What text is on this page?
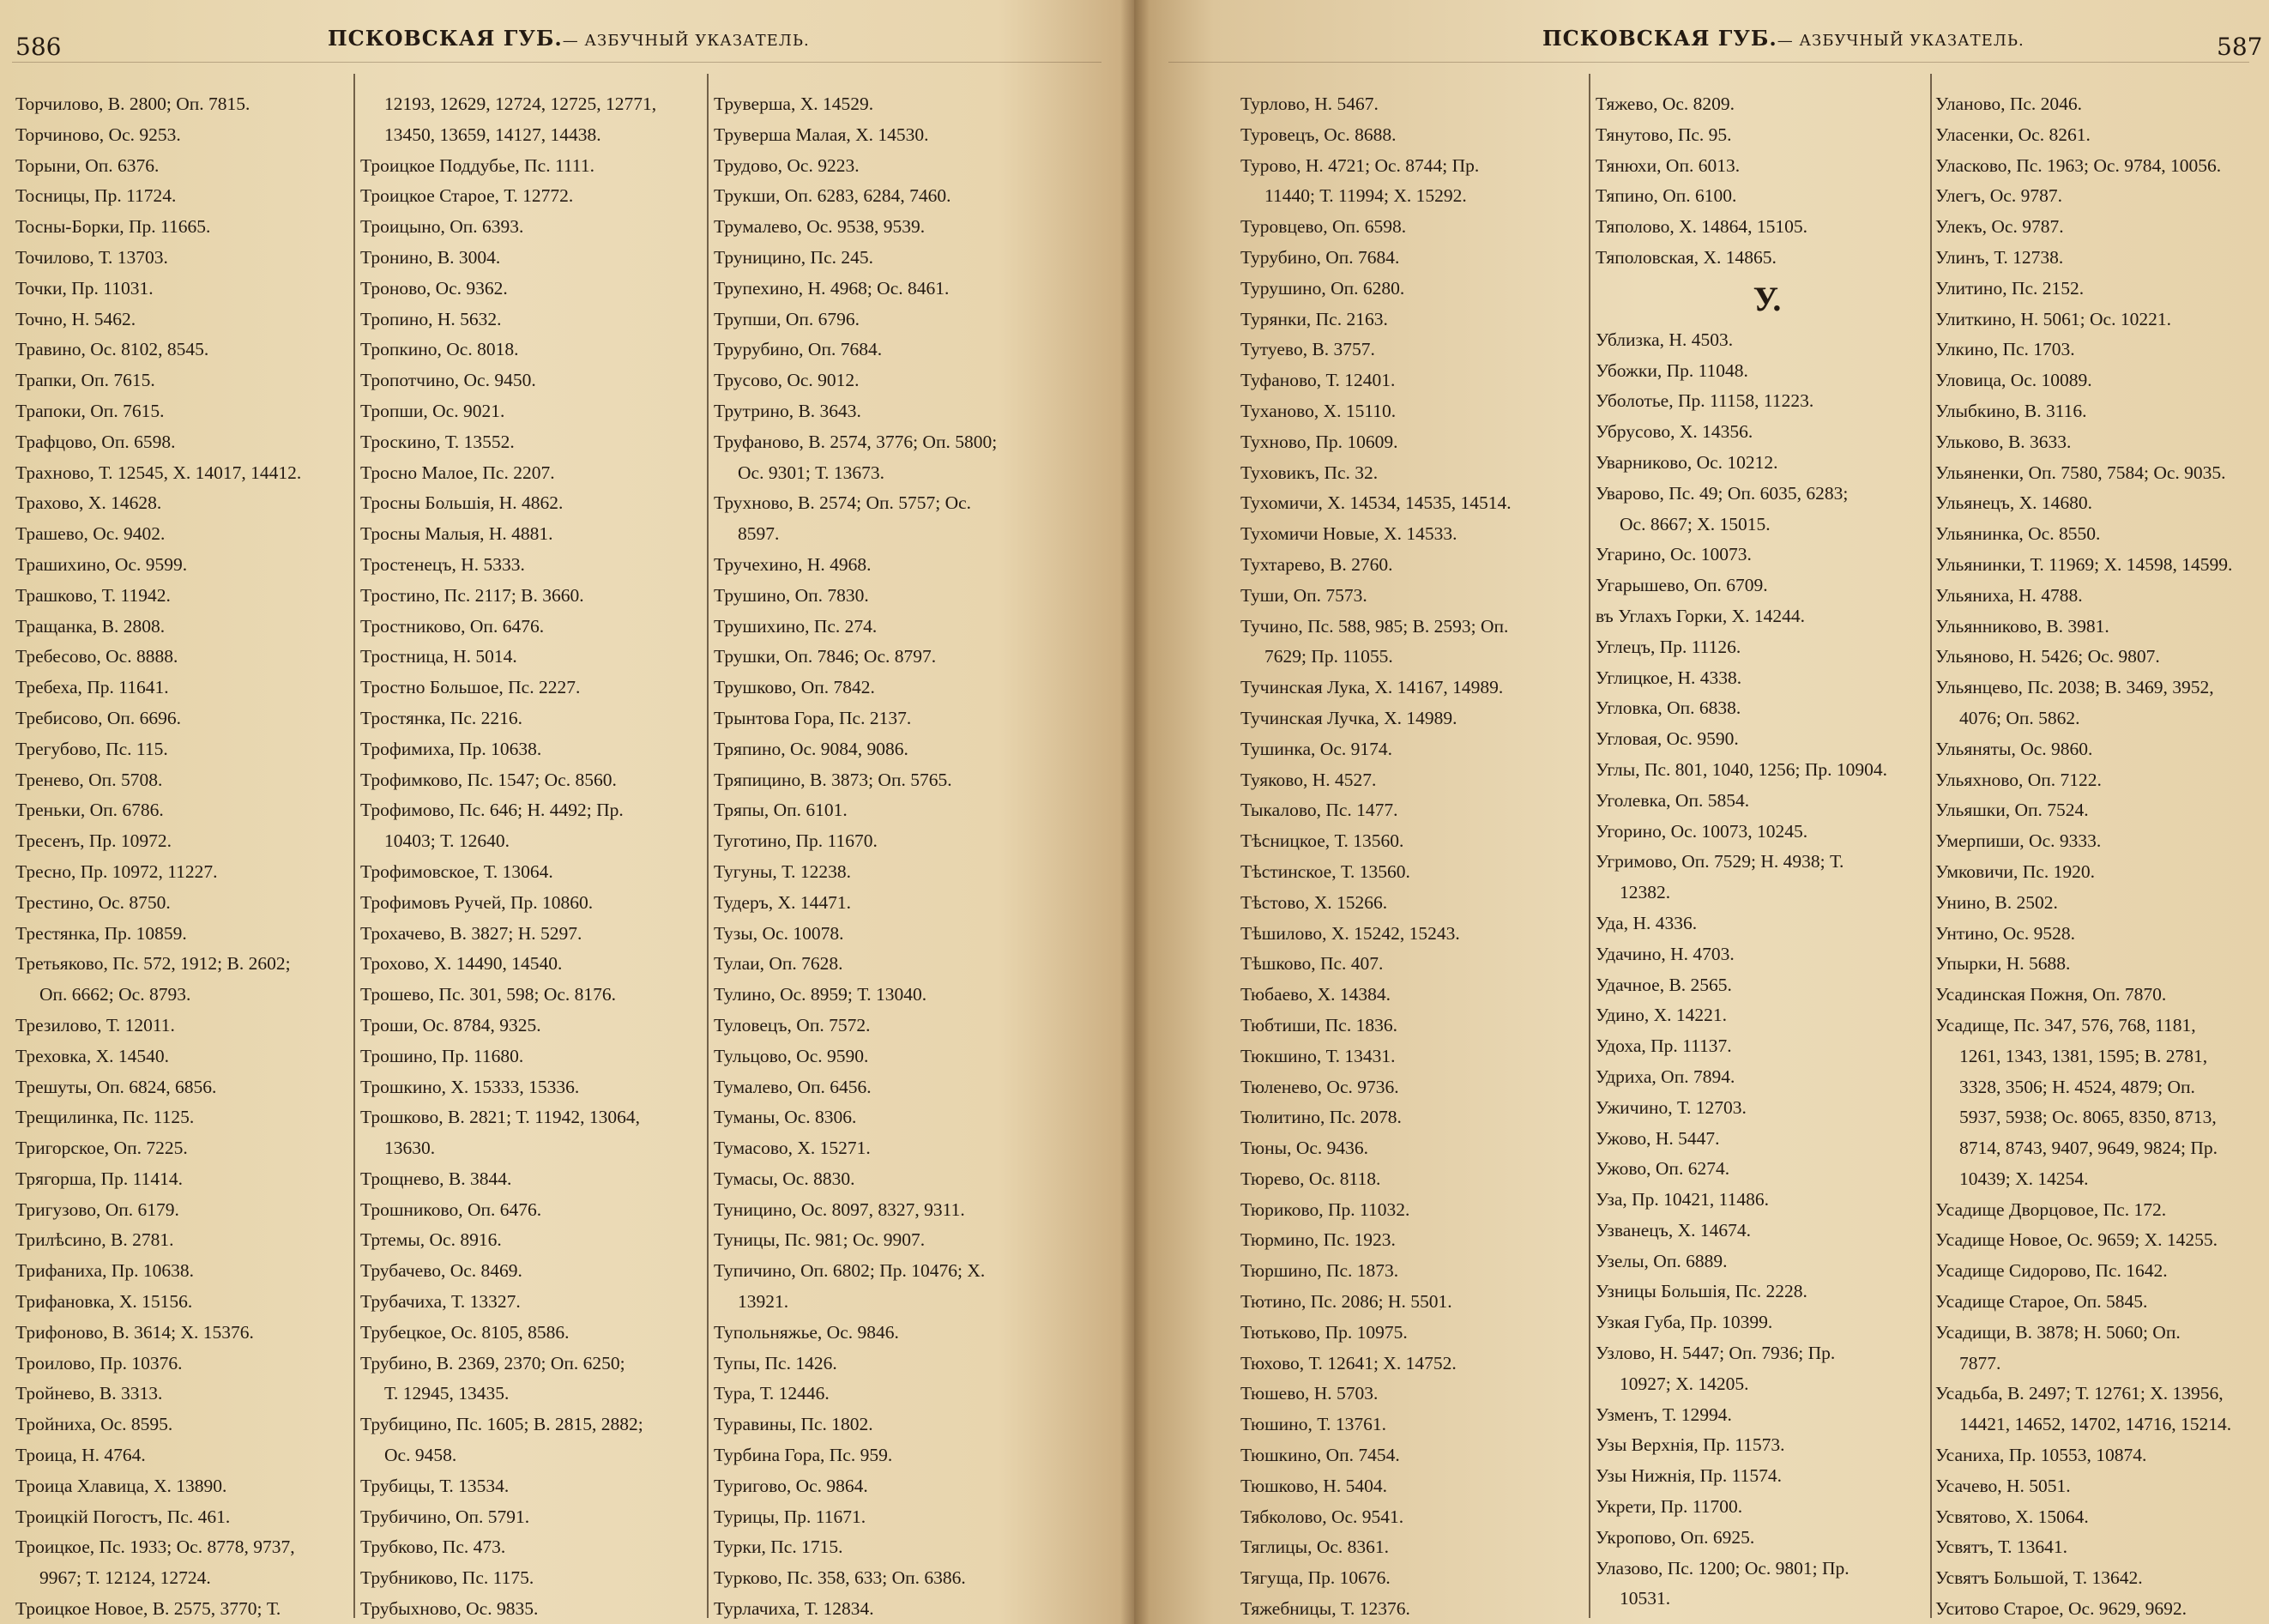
586	ПСКОВСКАЯ ГУБ.— АЗБУЧНЫЙ УКАЗАТЕЛЬ.
Торчилово, В. 2800; Оп. 7815.
Торчиново, Ос. 9253.
Торыни, Оп. 6376.
Тосницы, Пр. 11724.
Тосны-Борки, Пр. 11665.
Точилово, Т. 13703.
Точки, Пр. 11031.
Точно, Н. 5462.
Травино, Ос. 8102, 8545.
Трапки, Оп. 7615.
Трапоки, Оп. 7615.
Трафцово, Оп. 6598.
Трахново, Т. 12545, Х. 14017, 14412.
Трахово, Х. 14628.
Трашево, Ос. 9402.
Трашихино, Ос. 9599.
Трашково, Т. 11942.
Тращанка, В. 2808.
Требесово, Ос. 8888.
Требеха, Пр. 11641.
Требисово, Оп. 6696.
Трегубово, Пс. 115.
Тренево, Оп. 5708.
Треньки, Оп. 6786.
Тресенъ, Пр. 10972.
Тресно, Пр. 10972, 11227.
Трестино, Ос. 8750.
Трестянка, Пр. 10859.
Третьяково, Пс. 572, 1912; В. 2602;
Оп. 6662; Ос. 8793.
Трезилово, Т. 12011.
Треховка, Х. 14540.
Трешуты, Оп. 6824, 6856.
Трещилинка, Пс. 1125.
Тригорское, Оп. 7225.
Трягорша, Пр. 11414.
Тригузово, Оп. 6179.
Трилѣсино, В. 2781.
Трифаниха, Пр. 10638.
Трифановка, Х. 15156.
Трифоново, В. 3614; Х. 15376.
Троилово, Пр. 10376.
Тройнево, В. 3313.
Тройниха, Ос. 8595.
Троица, Н. 4764.
Троица Хлавица, Х. 13890.
Троицкій Погостъ, Пс. 461.
Троицкое, Пс. 1933; Ос. 8778, 9737,
9967; Т. 12124, 12724.
Троицкое Новое, В. 2575, 3770; Т.
12193, 12629, 12724, 12725, 12771,
13450, 13659, 14127, 14438.
Троицкое Поддубье, Пс. 1111.
Троицкое Старое, Т. 12772.
Троицыно, Оп. 6393.
Тронино, В. 3004.
Троново, Ос. 9362.
Тропино, Н. 5632.
Тропкино, Ос. 8018.
Тропотчино, Ос. 9450.
Тропши, Ос. 9021.
Троскино, Т. 13552.
Тросно Малое, Пс. 2207.
Тросны Большія, Н. 4862.
Тросны Малыя, Н. 4881.
Тростенецъ, Н. 5333.
Тростино, Пс. 2117; В. 3660.
Тростниково, Оп. 6476.
Тростница, Н. 5014.
Тростно Большое, Пс. 2227.
Тростянка, Пс. 2216.
Трофимиха, Пр. 10638.
Трофимково, Пс. 1547; Ос. 8560.
Трофимово, Пс. 646; Н. 4492; Пр.
10403; Т. 12640.
Трофимовское, Т. 13064.
Трофимовъ Ручей, Пр. 10860.
Трохачево, В. 3827; Н. 5297.
Трохово, Х. 14490, 14540.
Трошево, Пс. 301, 598; Ос. 8176.
Троши, Ос. 8784, 9325.
Трошино, Пр. 11680.
Трошкино, Х. 15333, 15336.
Трошково, В. 2821; Т. 11942, 13064,
13630.
Трощнево, В. 3844.
Трошниково, Оп. 6476.
Тртемы, Ос. 8916.
Трубачево, Ос. 8469.
Трубачиха, Т. 13327.
Трубецкое, Ос. 8105, 8586.
Трубино, В. 2369, 2370; Оп. 6250;
Т. 12945, 13435.
Трубицино, Пс. 1605; В. 2815, 2882;
Ос. 9458.
Трубицы, Т. 13534.
Трубичино, Оп. 5791.
Трубково, Пс. 473.
Трубниково, Пс. 1175.
Трубыхново, Ос. 9835.
Труверша, Х. 14529.
Труверша Малая, Х. 14530.
Трудово, Ос. 9223.
Трукши, Оп. 6283, 6284, 7460.
Трумалево, Ос. 9538, 9539.
Труницино, Пс. 245.
Трупехино, Н. 4968; Ос. 8461.
Трупши, Оп. 6796.
Трурубино, Оп. 7684.
Трусово, Ос. 9012.
Трутрино, В. 3643.
Труфаново, В. 2574, 3776; Оп. 5800;
Ос. 9301; Т. 13673.
Трухново, В. 2574; Оп. 5757; Ос.
8597.
Тручехино, Н. 4968.
Трушино, Оп. 7830.
Трушихино, Пс. 274.
Трушки, Оп. 7846; Ос. 8797.
Трушково, Оп. 7842.
Трынтова Гора, Пс. 2137.
Тряпино, Ос. 9084, 9086.
Тряпицино, В. 3873; Оп. 5765.
Тряпы, Оп. 6101.
Туготино, Пр. 11670.
Тугуны, Т. 12238.
Тудеръ, Х. 14471.
Тузы, Ос. 10078.
Тулаи, Оп. 7628.
Тулино, Ос. 8959; Т. 13040.
Туловецъ, Оп. 7572.
Тульцово, Ос. 9590.
Тумалево, Оп. 6456.
Туманы, Ос. 8306.
Тумасово, Х. 15271.
Тумасы, Ос. 8830.
Туницино, Ос. 8097, 8327, 9311.
Туницы, Пс. 981; Ос. 9907.
Тупичино, Оп. 6802; Пр. 10476; Х.
13921.
Тупольняжье, Ос. 9846.
Тупы, Пс. 1426.
Тура, Т. 12446.
Туравины, Пс. 1802.
Турбина Гора, Пс. 959.
Туригово, Ос. 9864.
Турицы, Пр. 11671.
Турки, Пс. 1715.
Турково, Пс. 358, 633; Оп. 6386.
Турлачиха, Т. 12834.
ПСКОВСКАЯ ГУБ.— АЗБУЧНЫЙ УКАЗАТЕЛЬ.	587
Турлово, Н. 5467.
Туровецъ, Ос. 8688.
Турово, Н. 4721; Ос. 8744; Пр.
11440; Т. 11994; Х. 15292.
Туровцево, Оп. 6598.
Турубино, Оп. 7684.
Турушино, Оп. 6280.
Турянки, Пс. 2163.
Тутуево, В. 3757.
Туфаново, Т. 12401.
Туханово, Х. 15110.
Тухново, Пр. 10609.
Туховикъ, Пс. 32.
Тухомичи, Х. 14534, 14535, 14514.
Тухомичи Новые, Х. 14533.
Тухтарево, В. 2760.
Туши, Оп. 7573.
Тучино, Пс. 588, 985; В. 2593; Оп.
7629; Пр. 11055.
Тучинская Лука, Х. 14167, 14989.
Тучинская Лучка, Х. 14989.
Тушинка, Ос. 9174.
Туяково, Н. 4527.
Тыкалово, Пс. 1477.
Тѣсницкое, Т. 13560.
Тѣстинское, Т. 13560.
Тѣстово, Х. 15266.
Тѣшилово, Х. 15242, 15243.
Тѣшково, Пс. 407.
Тюбаево, Х. 14384.
Тюбтиши, Пс. 1836.
Тюкшино, Т. 13431.
Тюленево, Ос. 9736.
Тюлитино, Пс. 2078.
Тюны, Ос. 9436.
Тюрево, Ос. 8118.
Тюриково, Пр. 11032.
Тюрмино, Пс. 1923.
Тюршино, Пс. 1873.
Тютино, Пс. 2086; Н. 5501.
Тютьково, Пр. 10975.
Тюхово, Т. 12641; Х. 14752.
Тюшево, Н. 5703.
Тюшино, Т. 13761.
Тюшкино, Оп. 7454.
Тюшково, Н. 5404.
Тябколово, Ос. 9541.
Тяглицы, Ос. 8361.
Тягуща, Пр. 10676.
Тяжебницы, Т. 12376.
Тяжево, Ос. 8209.
Тянутово, Пс. 95.
Тянюхи, Оп. 6013.
Тяпино, Оп. 6100.
Тяполово, Х. 14864, 15105.
Тяполовская, Х. 14865.
У.
Ублизка, Н. 4503.
Убожки, Пр. 11048.
Уболотье, Пр. 11158, 11223.
Убрусово, Х. 14356.
Уварниково, Ос. 10212.
Уварово, Пс. 49; Оп. 6035, 6283;
Ос. 8667; Х. 15015.
Угарино, Ос. 10073.
Угарышево, Оп. 6709.
въ Углахъ Горки, Х. 14244.
Углецъ, Пр. 11126.
Углицкое, Н. 4338.
Угловка, Оп. 6838.
Угловая, Ос. 9590.
Углы, Пс. 801, 1040, 1256; Пр. 10904.
Уголевка, Оп. 5854.
Угорино, Ос. 10073, 10245.
Угримово, Оп. 7529; Н. 4938; Т.
12382.
Уда, Н. 4336.
Удачино, Н. 4703.
Удачное, В. 2565.
Удино, Х. 14221.
Удоха, Пр. 11137.
Удриха, Оп. 7894.
Ужичино, Т. 12703.
Ужово, Н. 5447.
Ужово, Оп. 6274.
Уза, Пр. 10421, 11486.
Узванецъ, Х. 14674.
Узелы, Оп. 6889.
Узницы Большія, Пс. 2228.
Узкая Губа, Пр. 10399.
Узлово, Н. 5447; Оп. 7936; Пр.
10927; Х. 14205.
Узменъ, Т. 12994.
Узы Верхнія, Пр. 11573.
Узы Нижнія, Пр. 11574.
Укрети, Пр. 11700.
Укропово, Оп. 6925.
Улазово, Пс. 1200; Ос. 9801; Пр.
10531.
Уланово, Пс. 2046.
Уласенки, Ос. 8261.
Уласково, Пс. 1963; Ос. 9784, 10056.
Улегъ, Ос. 9787.
Улекъ, Ос. 9787.
Улинъ, Т. 12738.
Улитино, Пс. 2152.
Улиткино, Н. 5061; Ос. 10221.
Улкино, Пс. 1703.
Уловица, Ос. 10089.
Улыбкино, В. 3116.
Ульково, В. 3633.
Ульяненки, Оп. 7580, 7584; Ос. 9035.
Ульянецъ, Х. 14680.
Ульянинка, Ос. 8550.
Ульянинки, Т. 11969; Х. 14598, 14599.
Ульяниха, Н. 4788.
Ульянниково, В. 3981.
Ульяново, Н. 5426; Ос. 9807.
Ульянцево, Пс. 2038; В. 3469, 3952,
4076; Оп. 5862.
Ульяняты, Ос. 9860.
Ульяхново, Оп. 7122.
Ульяшки, Оп. 7524.
Умерпиши, Ос. 9333.
Умковичи, Пс. 1920.
Унино, В. 2502.
Унтино, Ос. 9528.
Упырки, Н. 5688.
Усадинская Пожня, Оп. 7870.
Усадище, Пс. 347, 576, 768, 1181,
1261, 1343, 1381, 1595; В. 2781,
3328, 3506; Н. 4524, 4879; Оп.
5937, 5938; Ос. 8065, 8350, 8713,
8714, 8743, 9407, 9649, 9824; Пр.
10439; Х. 14254.
Усадище Дворцовое, Пс. 172.
Усадище Новое, Ос. 9659; Х. 14255.
Усадище Сидорово, Пс. 1642.
Усадище Старое, Оп. 5845.
Усадищи, В. 3878; Н. 5060; Оп.
7877.
Усадьба, В. 2497; Т. 12761; Х. 13956,
14421, 14652, 14702, 14716, 15214.
Усаниха, Пр. 10553, 10874.
Усачево, Н. 5051.
Усвятово, Х. 15064.
Усвятъ, Т. 13641.
Усвятъ Большой, Т. 13642.
Уситово Старое, Ос. 9629, 9692.
